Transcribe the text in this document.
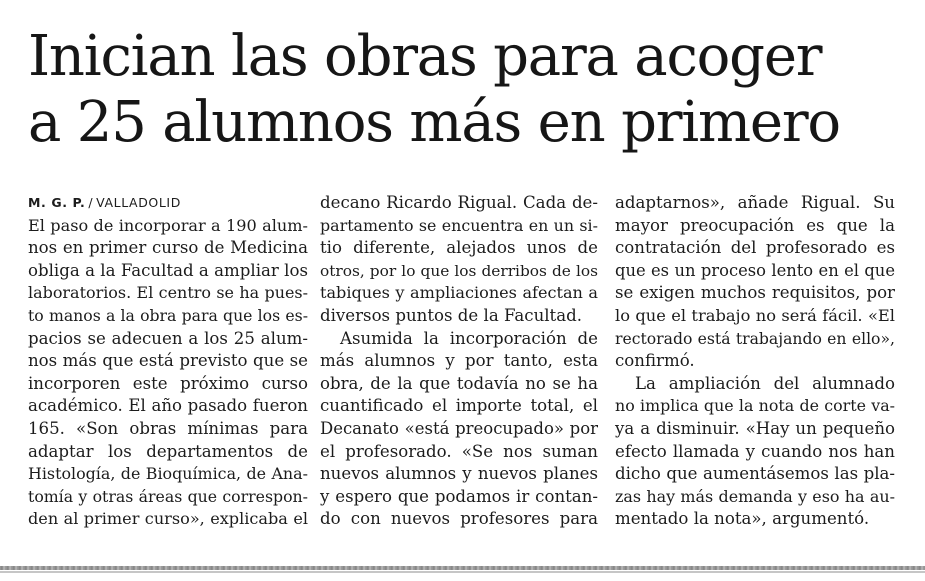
Inician las obras para acoger
a 25 alumnos más en primero
M. G. P. / VALLADOLID
El paso de incorporar a 190 alum-
nos en primer curso de Medicina
obliga a la Facultad a ampliar los
laboratorios. El centro se ha pues-
to manos a la obra para que los es-
pacios se adecuen a los 25 alum-
nos más que está previsto que se
incorporen este próximo curso
académico. El año pasado fueron
165. «Son obras mínimas para
adaptar los departamentos de
Histología, de Bioquímica, de Ana-
tomía y otras áreas que correspon-
den al primer curso», explicaba el
decano Ricardo Rigual. Cada de-
partamento se encuentra en un si-
tio diferente, alejados unos de
otros, por lo que los derribos de los
tabiques y ampliaciones afectan a
diversos puntos de la Facultad.
Asumida la incorporación de
más alumnos y por tanto, esta
obra, de la que todavía no se ha
cuantificado el importe total, el
Decanato «está preocupado» por
el profesorado. «Se nos suman
nuevos alumnos y nuevos planes
y espero que podamos ir contan-
do con nuevos profesores para
adaptarnos», añade Rigual. Su
mayor preocupación es que la
contratación del profesorado es
que es un proceso lento en el que
se exigen muchos requisitos, por
lo que el trabajo no será fácil. «El
rectorado está trabajando en ello»,
confirmó.
La ampliación del alumnado
no implica que la nota de corte va-
ya a disminuir. «Hay un pequeño
efecto llamada y cuando nos han
dicho que aumentásemos las pla-
zas hay más demanda y eso ha au-
mentado la nota», argumentó.
